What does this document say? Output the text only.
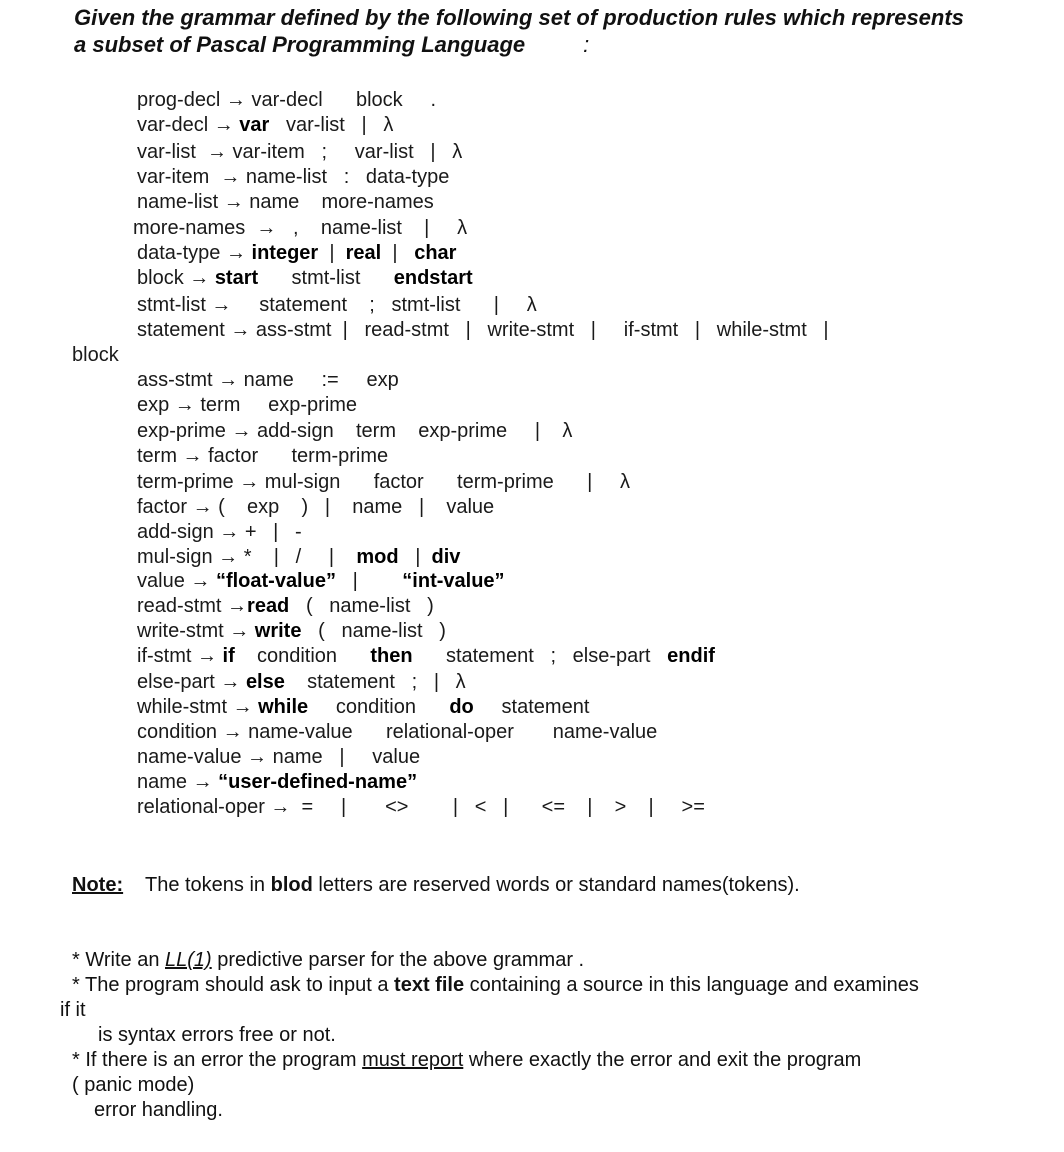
Given the grammar defined by the following set of production rules which represents
a subset of Pascal Programming Language	:
prog-decl → var-decl      block     .
var-decl → var   var-list   |   λ
var-list  → var-item   ;     var-list   |   λ
var-item  → name-list   :   data-type
name-list → name    more-names
more-names  →   ,    name-list    |     λ
data-type → integer  |  real  |   char
block → start      stmt-list      endstart
stmt-list →     statement    ;   stmt-list      |     λ
statement → ass-stmt  |   read-stmt   |   write-stmt   |     if-stmt   |   while-stmt   |
block
ass-stmt → name     :=     exp
exp → term     exp-prime
exp-prime → add-sign    term    exp-prime     |    λ
term → factor      term-prime
term-prime → mul-sign      factor      term-prime      |     λ
factor → (    exp    )   |    name   |    value
add-sign → +   |   -
mul-sign → *    |   /     |    mod   |  div
value → “float-value”   |        “int-value”
read-stmt →read   (   name-list   )
write-stmt → write   (   name-list   )
if-stmt → if    condition      then      statement   ;   else-part   endif
else-part → else    statement   ;   |   λ
while-stmt → while     condition      do     statement
condition → name-value      relational-oper       name-value
name-value → name   |     value
name → “user-defined-name”
relational-oper →  =     |       <>        |   <   |      <=    |    >    |     >=
Note: The tokens in blod letters are reserved words or standard names(tokens).

* Write an LL(1) predictive parser for the above grammar .

* The program should ask to input a text file containing a source in this language and examines

if it

is syntax errors free or not.

* If there is an error the program must report where exactly the error and exit the program

( panic mode)

error handling.
